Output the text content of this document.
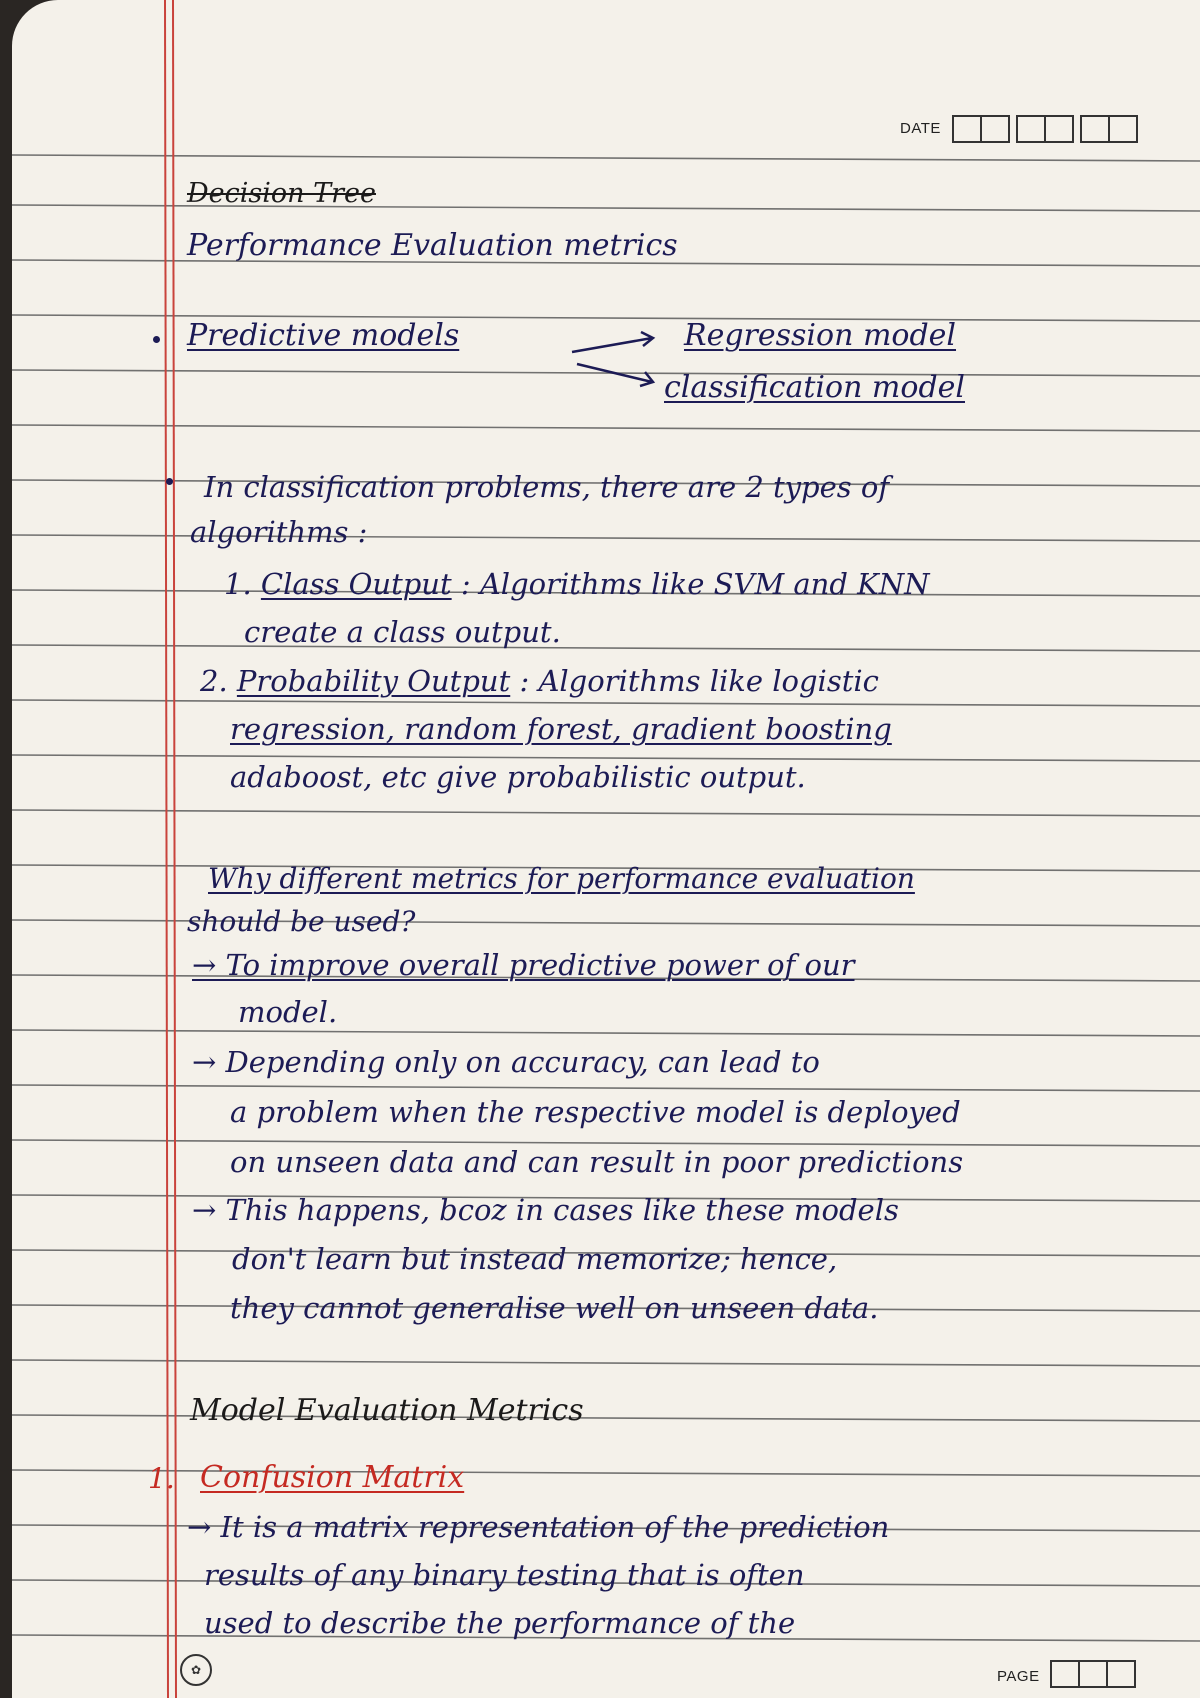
DATE
Decision Tree
Performance Evaluation metrics
Predictive models	Regression model
classification model
In classification problems, there are 2 types of
algorithms :
1. Class Output : Algorithms like SVM and KNN
create a class output.
2. Probability Output : Algorithms like logistic
regression, random forest, gradient boosting
adaboost, etc give probabilistic output.
Why different metrics for performance evaluation
should be used?
→ To improve overall predictive power of our
model.
→ Depending only on accuracy, can lead to
a problem when the respective model is deployed
on unseen data and can result in poor predictions
→ This happens, bcoz in cases like these models
don't learn but instead memorize; hence,
they cannot generalise well on unseen data.
Model Evaluation Metrics
1. Confusion Matrix
→ It is a matrix representation of the prediction
results of any binary testing that is often
used to describe the performance of the
✿	PAGE
